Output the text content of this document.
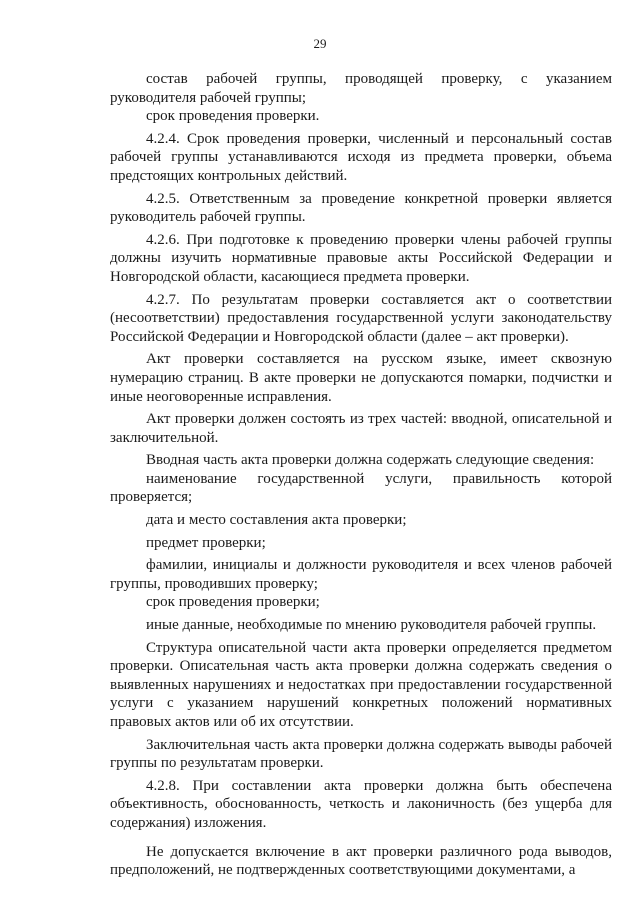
29

состав рабочей группы, проводящей проверку, с указанием руководителя рабочей группы;

срок проведения проверки.

4.2.4. Срок проведения проверки, численный и персональный состав рабочей группы устанавливаются исходя из предмета проверки, объема предстоящих контрольных действий.

4.2.5. Ответственным за проведение конкретной проверки является руководитель рабочей группы.

4.2.6. При подготовке к проведению проверки члены рабочей группы должны изучить нормативные правовые акты Российской Федерации и Новгородской области, касающиеся предмета проверки.

4.2.7. По результатам проверки составляется акт о соответствии (несоответствии) предоставления государственной услуги законодательству Российской Федерации и Новгородской области (далее – акт проверки).

Акт проверки составляется на русском языке, имеет сквозную нумерацию страниц. В акте проверки не допускаются помарки, подчистки и иные неоговоренные исправления.

Акт проверки должен состоять из трех частей: вводной, описательной и заключительной.

Вводная часть акта проверки должна содержать следующие сведения:

наименование государственной услуги, правильность которой проверяется;

дата и место составления акта проверки;

предмет проверки;

фамилии, инициалы и должности руководителя и всех членов рабочей группы, проводивших проверку;

срок проведения проверки;

иные данные, необходимые по мнению руководителя рабочей группы.

Структура описательной части акта проверки определяется предметом проверки. Описательная часть акта проверки должна содержать сведения о выявленных нарушениях и недостатках при предоставлении государственной услуги с указанием нарушений конкретных положений нормативных правовых актов или об их отсутствии.

Заключительная часть акта проверки должна содержать выводы рабочей группы по результатам проверки.

4.2.8. При составлении акта проверки должна быть обеспечена объективность, обоснованность, четкость и лаконичность (без ущерба для содержания) изложения.

Не допускается включение в акт проверки различного рода выводов, предположений, не подтвержденных соответствующими документами, а
